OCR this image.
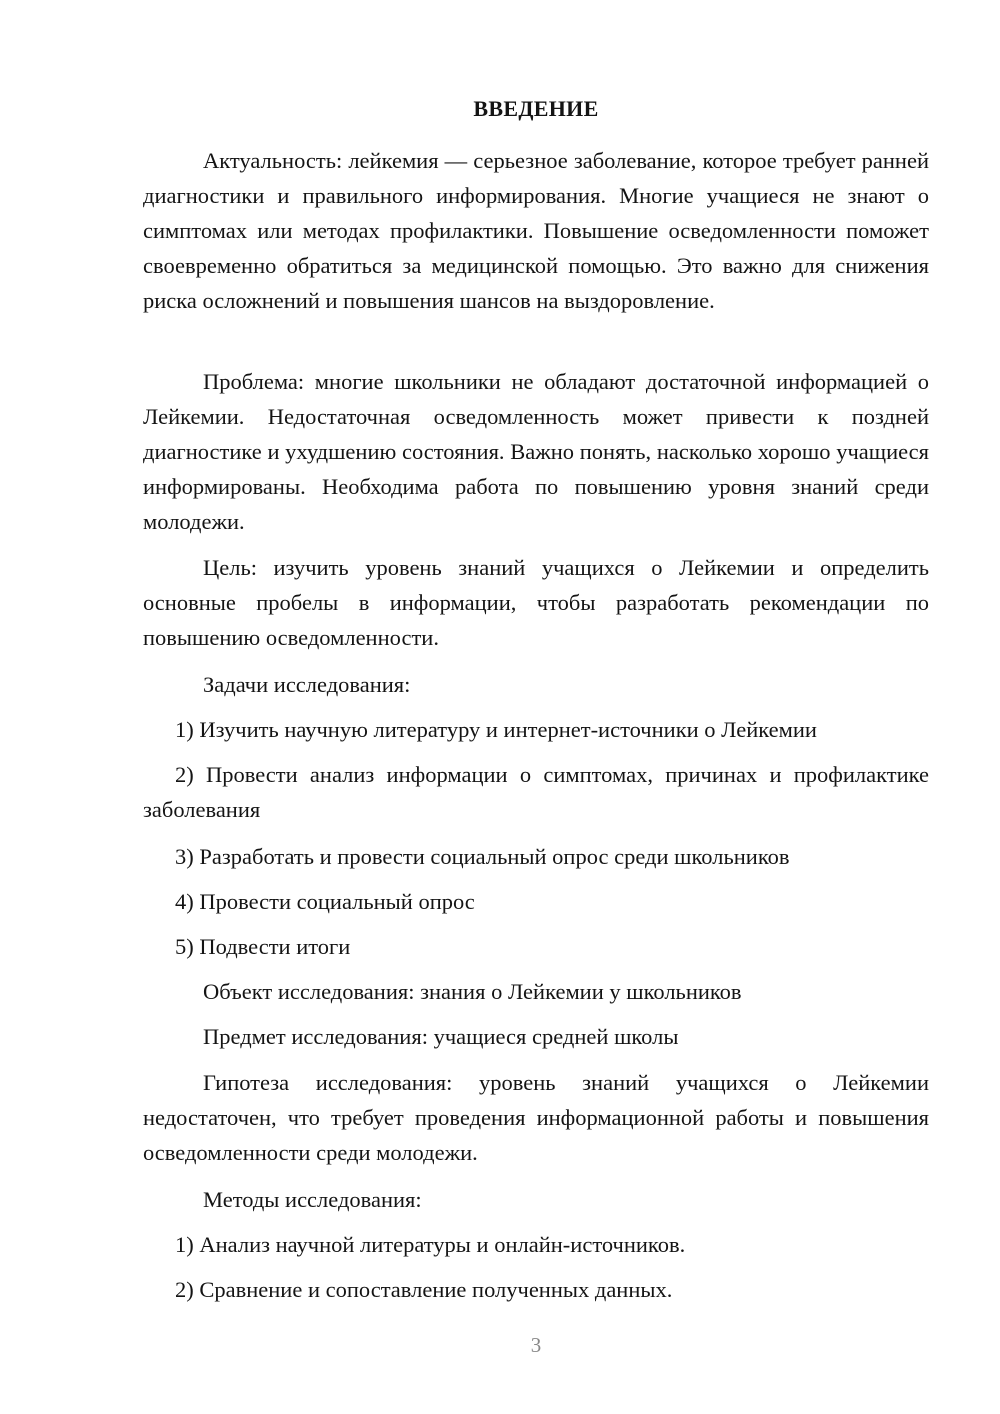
ВВЕДЕНИЕ

Актуальность: лейкемия — серьезное заболевание, которое требует ранней диагностики и правильного информирования. Многие учащиеся не знают о симптомах или методах профилактики. Повышение осведомленности поможет своевременно обратиться за медицинской помощью. Это важно для снижения риска осложнений и повышения шансов на выздоровление.

Проблема: многие школьники не обладают достаточной информацией о Лейкемии. Недостаточная осведомленность может привести к поздней диагностике и ухудшению состояния. Важно понять, насколько хорошо учащиеся информированы. Необходима работа по повышению уровня знаний среди молодежи.

Цель: изучить уровень знаний учащихся о Лейкемии и определить основные пробелы в информации, чтобы разработать рекомендации по повышению осведомленности.

Задачи исследования:

1) Изучить научную литературу и интернет-источники о Лейкемии

2) Провести анализ информации о симптомах, причинах и профилактике заболевания

3) Разработать и провести социальный опрос среди школьников

4) Провести социальный опрос

5) Подвести итоги

Объект исследования: знания о Лейкемии у школьников

Предмет исследования: учащиеся средней школы

Гипотеза исследования: уровень знаний учащихся о Лейкемии недостаточен, что требует проведения информационной работы и повышения осведомленности среди молодежи.

Методы исследования:

1) Анализ научной литературы и онлайн-источников.

2) Сравнение и сопоставление полученных данных.

3
